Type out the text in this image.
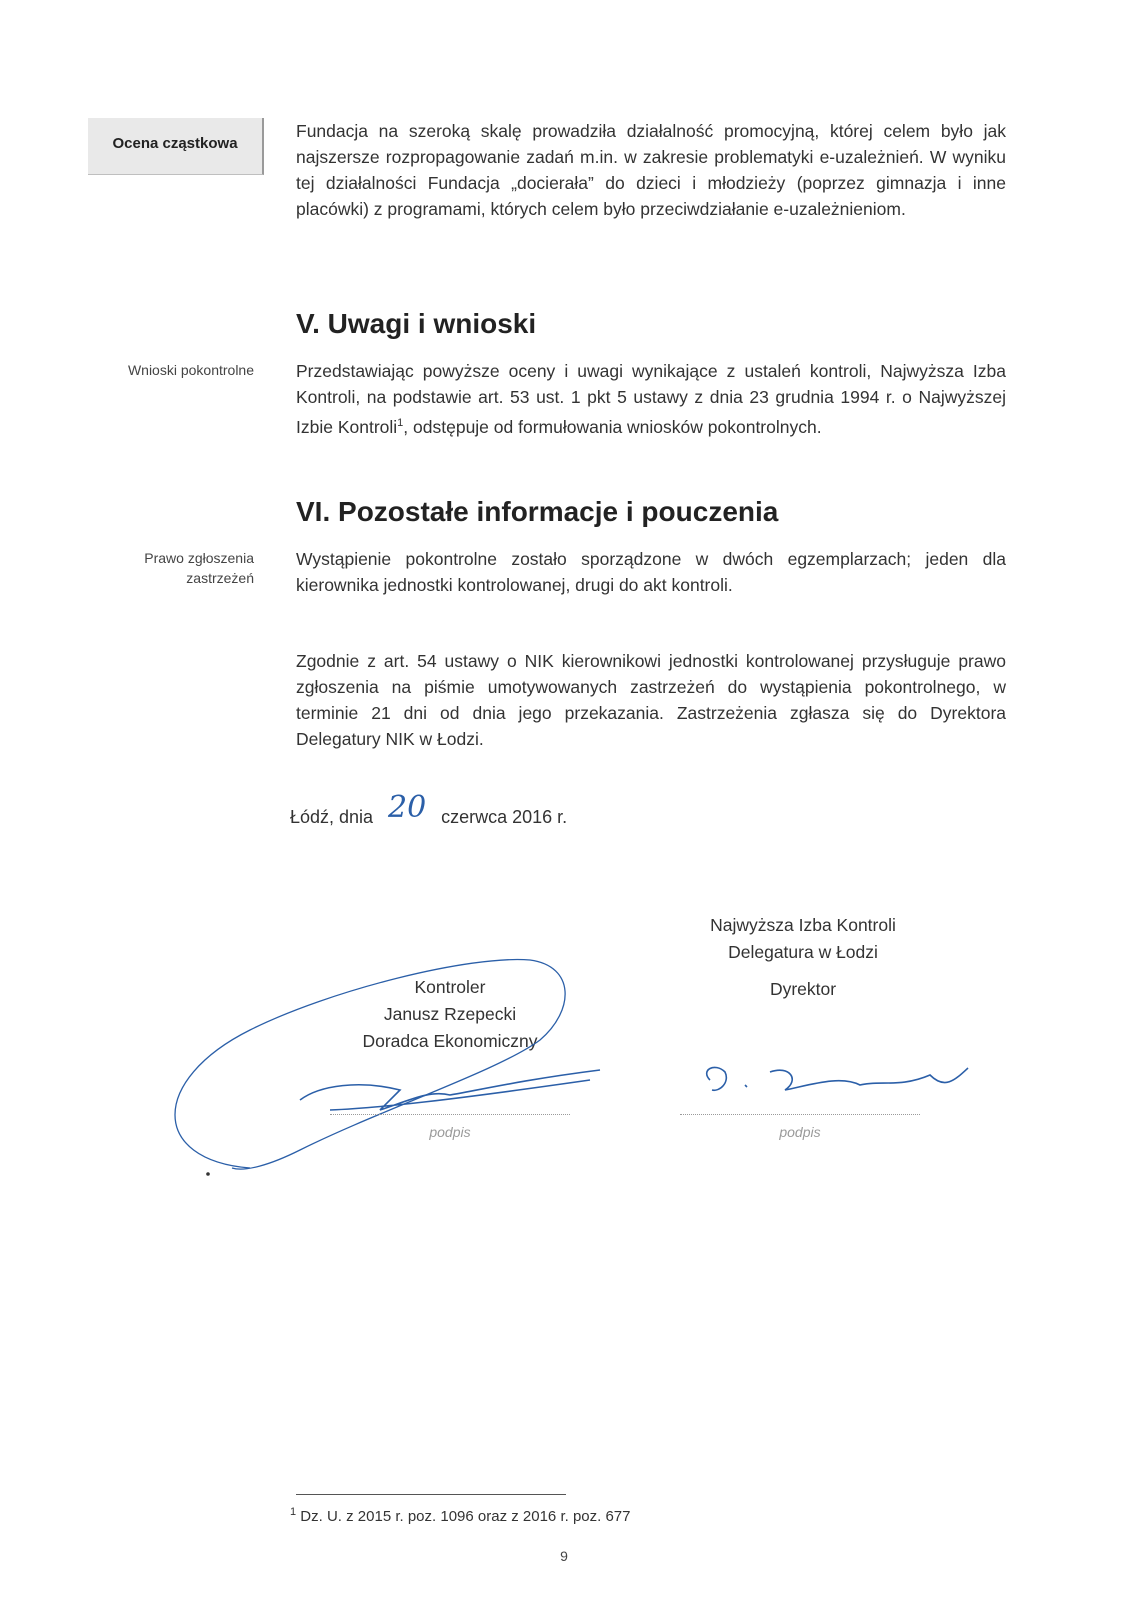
Ocena cząstkowa
Fundacja na szeroką skalę prowadziła działalność promocyjną, której celem było jak najszersze rozpropagowanie zadań m.in. w zakresie problematyki e-uzależnień. W wyniku tej działalności Fundacja „docierała” do dzieci i młodzieży (poprzez gimnazja i inne placówki) z programami, których celem było przeciwdziałanie e-uzależnieniom.
V. Uwagi i wnioski
Wnioski pokontrolne Przedstawiając powyższe oceny i uwagi wynikające z ustaleń kontroli, Najwyższa Izba Kontroli, na podstawie art. 53 ust. 1 pkt 5 ustawy z dnia 23 grudnia 1994 r. o Najwyższej Izbie Kontroli$^1$, odstępuje od formułowania wniosków pokontrolnych.
VI. Pozostałe informacje i pouczenia
Prawo zgłoszenia
zastrzeżeń
Wystąpienie pokontrolne zostało sporządzone w dwóch egzemplarzach; jeden dla kierownika jednostki kontrolowanej, drugi do akt kontroli.
Zgodnie z art. 54 ustawy o NIK kierownikowi jednostki kontrolowanej przysługuje prawo zgłoszenia na piśmie umotywowanych zastrzeżeń do wystąpienia pokontrolnego, w terminie 21 dni od dnia jego przekazania. Zastrzeżenia zgłasza się do Dyrektora Delegatury NIK w Łodzi.
Łódź, dnia 20 czerwca 2016 r.
Najwyższa Izba Kontroli
Delegatura w Łodzi
Dyrektor
Kontroler
Janusz Rzepecki
Doradca Ekonomiczny
podpis	podpis
$^1$ Dz. U. z 2015 r. poz. 1096 oraz z 2016 r. poz. 677
9
